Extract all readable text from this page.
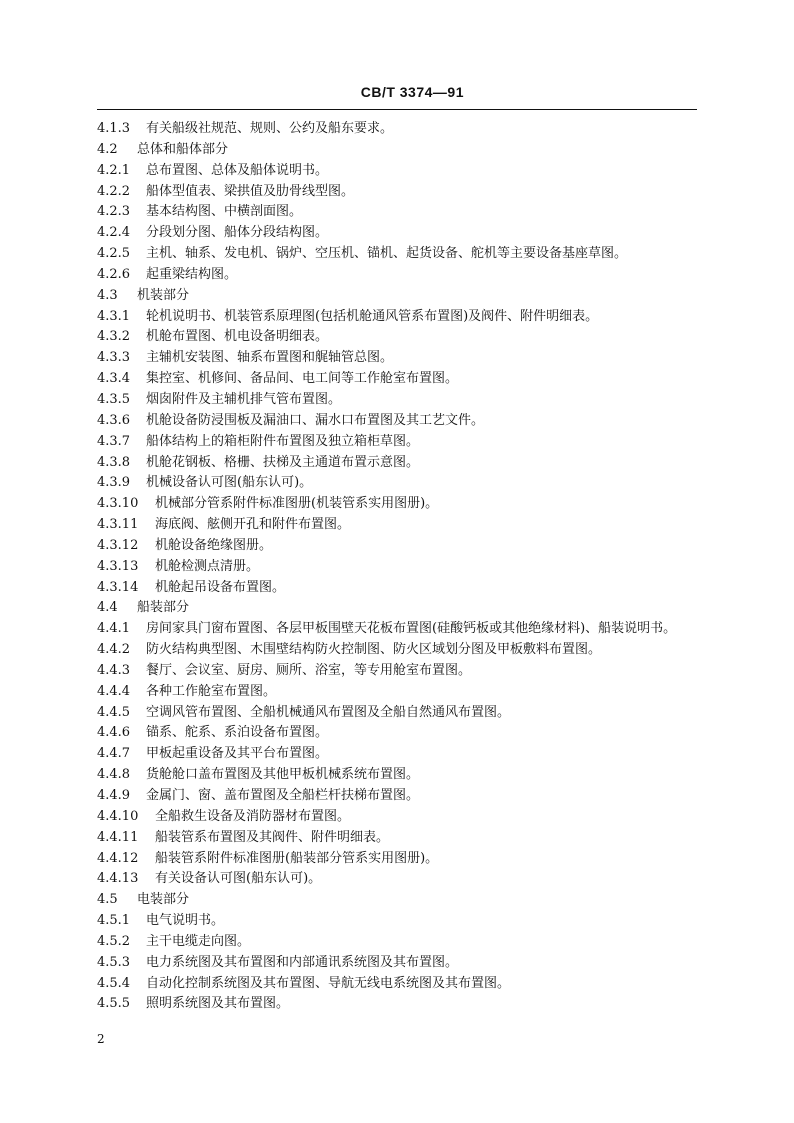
CB/T 3374—91
4.1.3 有关船级社规范、规则、公约及船东要求。
4.2 总体和船体部分
4.2.1 总布置图、总体及船体说明书。
4.2.2 船体型值表、梁拱值及肋骨线型图。
4.2.3 基本结构图、中横剖面图。
4.2.4 分段划分图、船体分段结构图。
4.2.5 主机、轴系、发电机、锅炉、空压机、锚机、起货设备、舵机等主要设备基座草图。
4.2.6 起重梁结构图。
4.3 机装部分
4.3.1 轮机说明书、机装管系原理图(包括机舱通风管系布置图)及阀件、附件明细表。
4.3.2 机舱布置图、机电设备明细表。
4.3.3 主辅机安装图、轴系布置图和艉轴管总图。
4.3.4 集控室、机修间、备品间、电工间等工作舱室布置图。
4.3.5 烟囱附件及主辅机排气管布置图。
4.3.6 机舱设备防浸围板及漏油口、漏水口布置图及其工艺文件。
4.3.7 船体结构上的箱柜附件布置图及独立箱柜草图。
4.3.8 机舱花钢板、格栅、扶梯及主通道布置示意图。
4.3.9 机械设备认可图(船东认可)。
4.3.10 机械部分管系附件标准图册(机装管系实用图册)。
4.3.11 海底阀、舷侧开孔和附件布置图。
4.3.12 机舱设备绝缘图册。
4.3.13 机舱检测点清册。
4.3.14 机舱起吊设备布置图。
4.4 船装部分
4.4.1 房间家具门窗布置图、各层甲板围壁天花板布置图(硅酸钙板或其他绝缘材料)、船装说明书。
4.4.2 防火结构典型图、木围壁结构防火控制图、防火区域划分图及甲板敷料布置图。
4.4.3 餐厅、会议室、厨房、厕所、浴室，等专用舱室布置图。
4.4.4 各种工作舱室布置图。
4.4.5 空调风管布置图、全船机械通风布置图及全船自然通风布置图。
4.4.6 锚系、舵系、系泊设备布置图。
4.4.7 甲板起重设备及其平台布置图。
4.4.8 货舱舱口盖布置图及其他甲板机械系统布置图。
4.4.9 金属门、窗、盖布置图及全船栏杆扶梯布置图。
4.4.10 全船救生设备及消防器材布置图。
4.4.11 船装管系布置图及其阀件、附件明细表。
4.4.12 船装管系附件标准图册(船装部分管系实用图册)。
4.4.13 有关设备认可图(船东认可)。
4.5 电装部分
4.5.1 电气说明书。
4.5.2 主干电缆走向图。
4.5.3 电力系统图及其布置图和内部通讯系统图及其布置图。
4.5.4 自动化控制系统图及其布置图、导航无线电系统图及其布置图。
4.5.5 照明系统图及其布置图。
2
